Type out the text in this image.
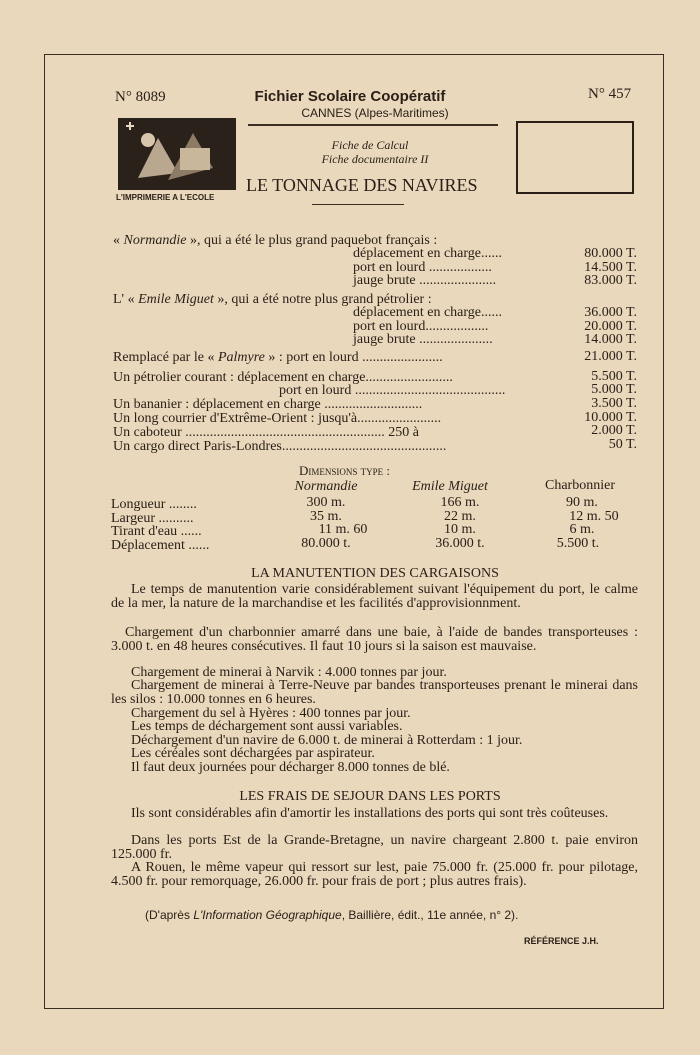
N° 8089	N° 457
Fichier Scolaire Coopératif
CANNES (Alpes-Maritimes)
L'IMPRIMERIE A L'ECOLE
Fiche de Calcul
Fiche documentaire II
LE TONNAGE DES NAVIRES
« Normandie », qui a été le plus grand paquebot français :
déplacement en charge......	80.000 T.
port en lourd ..................	14.500 T.
jauge brute ......................	83.000 T.
L' « Emile Miguet », qui a été notre plus grand pétrolier :
déplacement en charge......	36.000 T.
port en lourd..................	20.000 T.
jauge brute .....................	14.000 T.
Remplacé par le « Palmyre » : port en lourd .......................	21.000 T.
Un pétrolier courant : déplacement en charge.........................	5.500 T.
port en lourd ...........................................	5.000 T.
Un bananier : déplacement en charge ............................	3.500 T.
Un long courrier d'Extrême-Orient : jusqu'à........................	10.000 T.
Un caboteur ......................................................... 250 à	2.000 T.
Un cargo direct Paris-Londres...............................................	50 T.
Dimensions type :
Normandie	Emile Miguet	Charbonnier
Longueur ........	300 m.	166 m.	90 m.
Largeur ..........	35 m.	22 m.	12 m. 50
Tirant d'eau ......	11 m. 60	10 m.	6 m.
Déplacement ......	80.000 t.	36.000 t.	5.500 t.
LA MANUTENTION DES CARGAISONS
Le temps de manutention varie considérablement suivant l'équipement du port, le calme de la mer, la nature de la marchandise et les facilités d'approvisionnment.
Chargement d'un charbonnier amarré dans une baie, à l'aide de bandes transporteuses : 3.000 t. en 48 heures consécutives. Il faut 10 jours si la saison est mauvaise.
Chargement de minerai à Narvik : 4.000 tonnes par jour.
Chargement de minerai à Terre-Neuve par bandes transporteuses prenant le minerai dans les silos : 10.000 tonnes en 6 heures.
Chargement du sel à Hyères : 400 tonnes par jour.
Les temps de déchargement sont aussi variables.
Déchargement d'un navire de 6.000 t. de minerai à Rotterdam : 1 jour.
Les céréales sont déchargées par aspirateur.
Il faut deux journées pour décharger 8.000 tonnes de blé.
LES FRAIS DE SEJOUR DANS LES PORTS
Ils sont considérables afin d'amortir les installations des ports qui sont très coûteuses.
Dans les ports Est de la Grande-Bretagne, un navire chargeant 2.800 t. paie environ 125.000 fr.
A Rouen, le même vapeur qui ressort sur lest, paie 75.000 fr. (25.000 fr. pour pilotage, 4.500 fr. pour remorquage, 26.000 fr. pour frais de port ; plus autres frais).
(D'après L'Information Géographique, Baillière, édit., 11e année, n° 2).
RÉFÉRENCE J.H.
